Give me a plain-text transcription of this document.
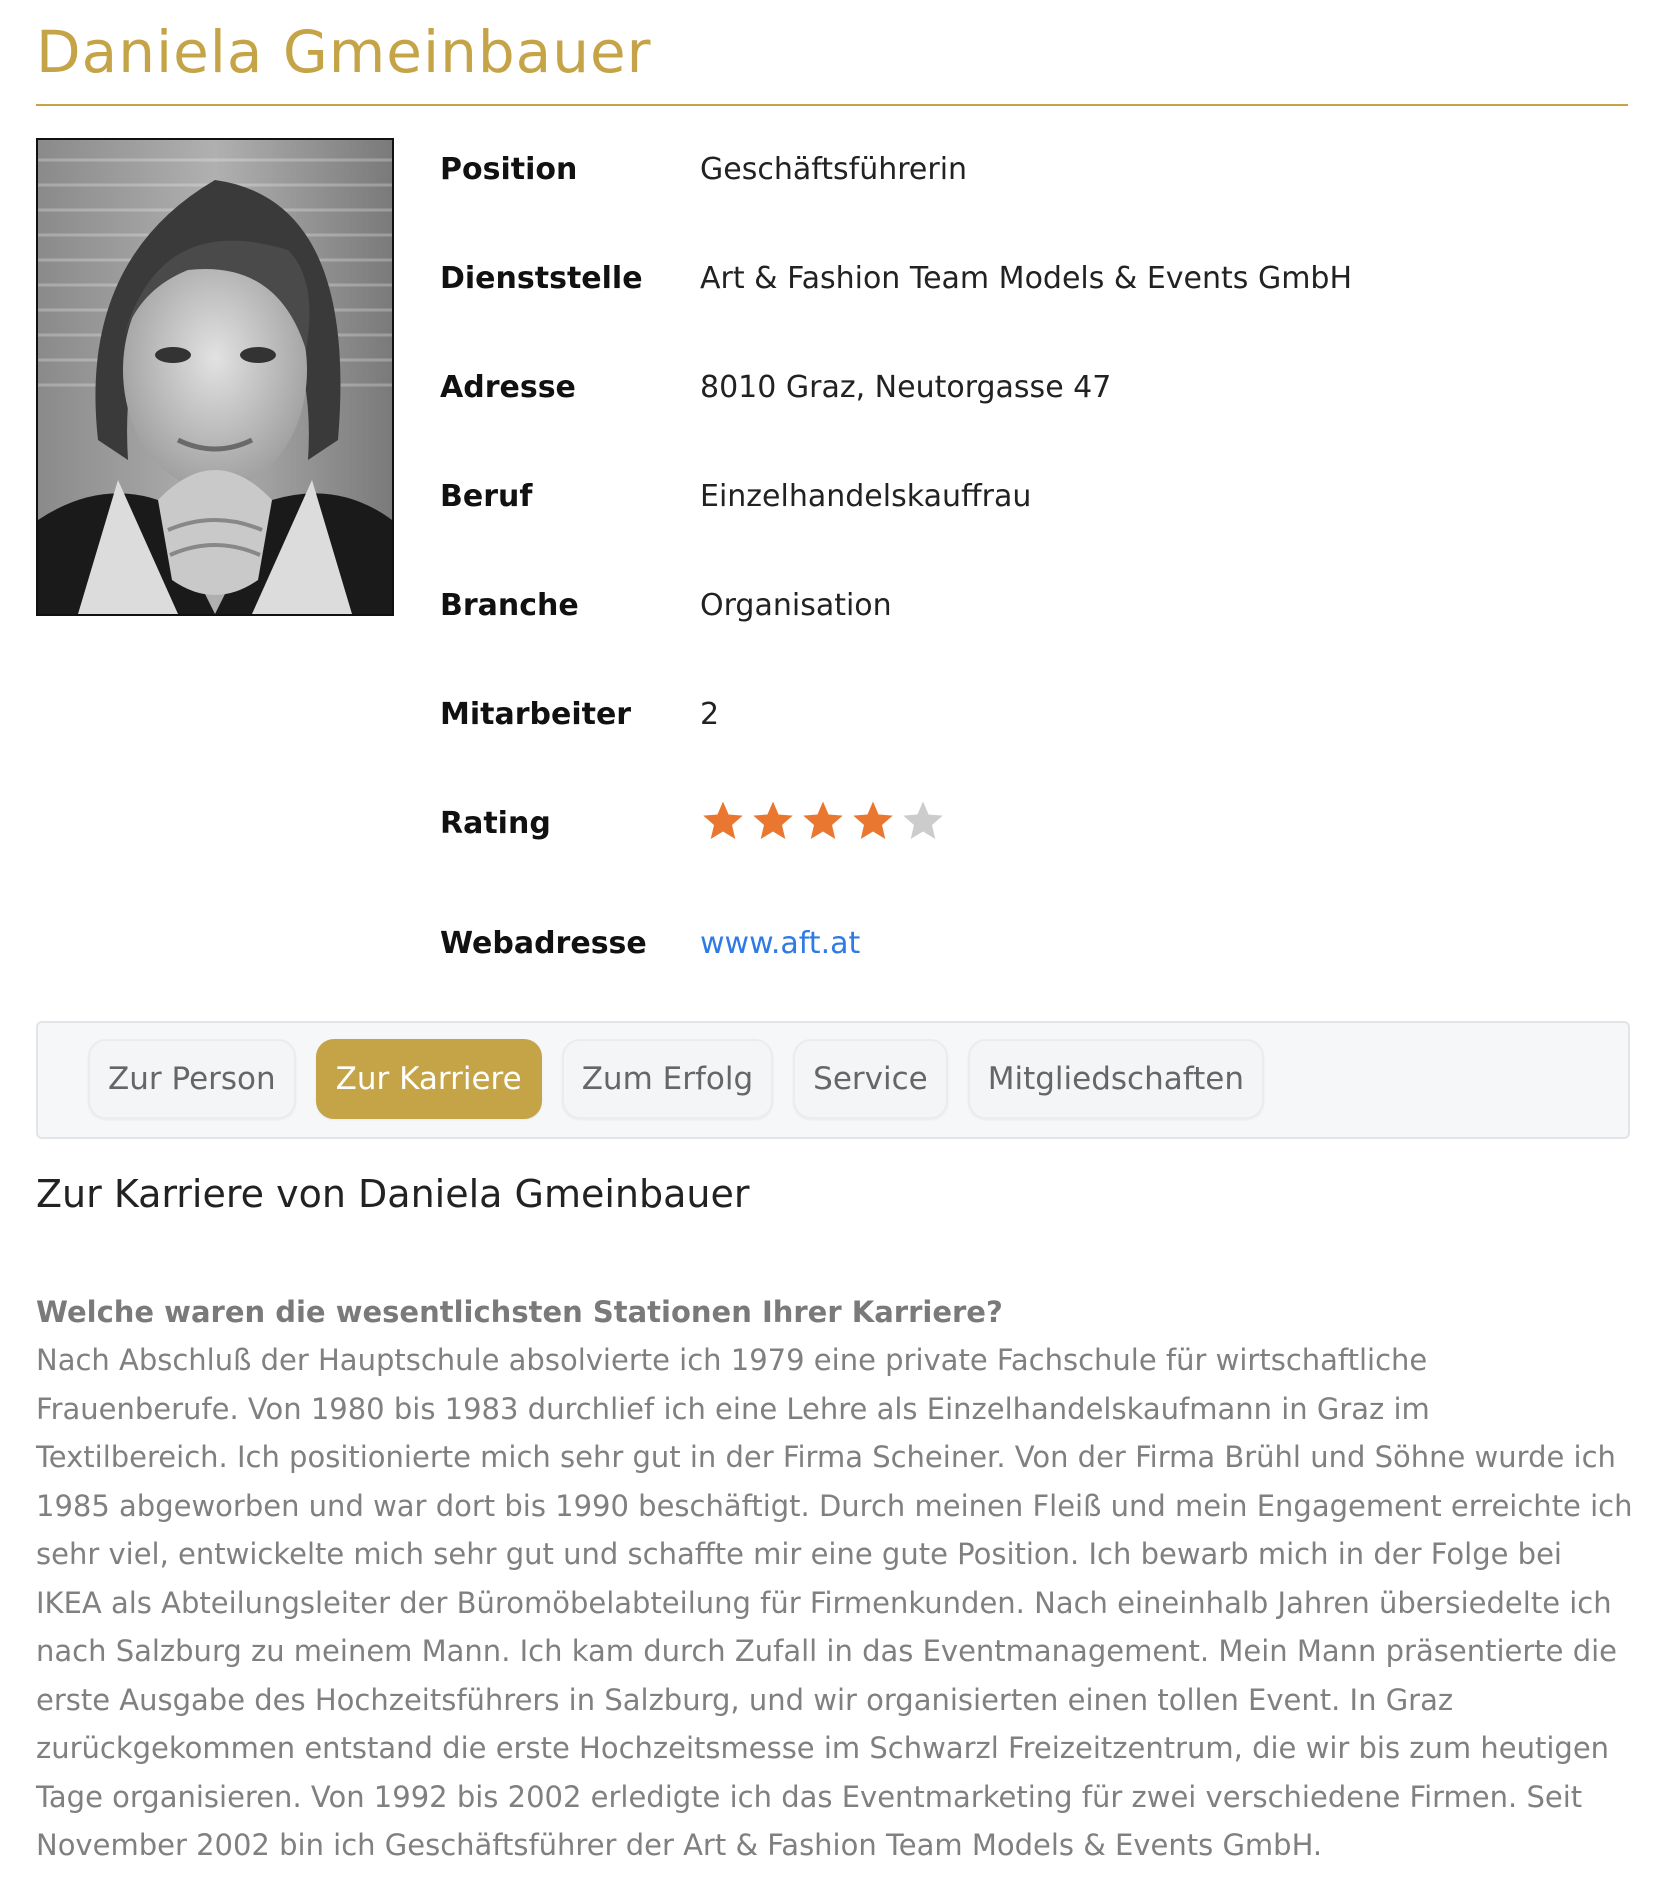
Daniela Gmeinbauer
Position	Geschäftsführerin
Dienststelle Art & Fashion Team Models & Events GmbH
Adresse	8010 Graz, Neutorgasse 47
Beruf	Einzelhandelskauffrau
Branche	Organisation
Mitarbeiter 2
Rating
Webadresse www.aft.at
Zur Person	Zur Karriere	Zum Erfolg	Service	Mitgliedschaften
Zur Karriere von Daniela Gmeinbauer
Welche waren die wesentlichsten Stationen Ihrer Karriere?
Nach Abschluß der Hauptschule absolvierte ich 1979 eine private Fachschule für wirtschaftliche
Frauenberufe. Von 1980 bis 1983 durchlief ich eine Lehre als Einzelhandelskaufmann in Graz im
Textilbereich. Ich positionierte mich sehr gut in der Firma Scheiner. Von der Firma Brühl und Söhne wurde ich
1985 abgeworben und war dort bis 1990 beschäftigt. Durch meinen Fleiß und mein Engagement erreichte ich
sehr viel, entwickelte mich sehr gut und schaffte mir eine gute Position. Ich bewarb mich in der Folge bei
IKEA als Abteilungsleiter der Büromöbelabteilung für Firmenkunden. Nach eineinhalb Jahren übersiedelte ich
nach Salzburg zu meinem Mann. Ich kam durch Zufall in das Eventmanagement. Mein Mann präsentierte die
erste Ausgabe des Hochzeitsführers in Salzburg, und wir organisierten einen tollen Event. In Graz
zurückgekommen entstand die erste Hochzeitsmesse im Schwarzl Freizeitzentrum, die wir bis zum heutigen
Tage organisieren. Von 1992 bis 2002 erledigte ich das Eventmarketing für zwei verschiedene Firmen. Seit
November 2002 bin ich Geschäftsführer der Art & Fashion Team Models & Events GmbH.
